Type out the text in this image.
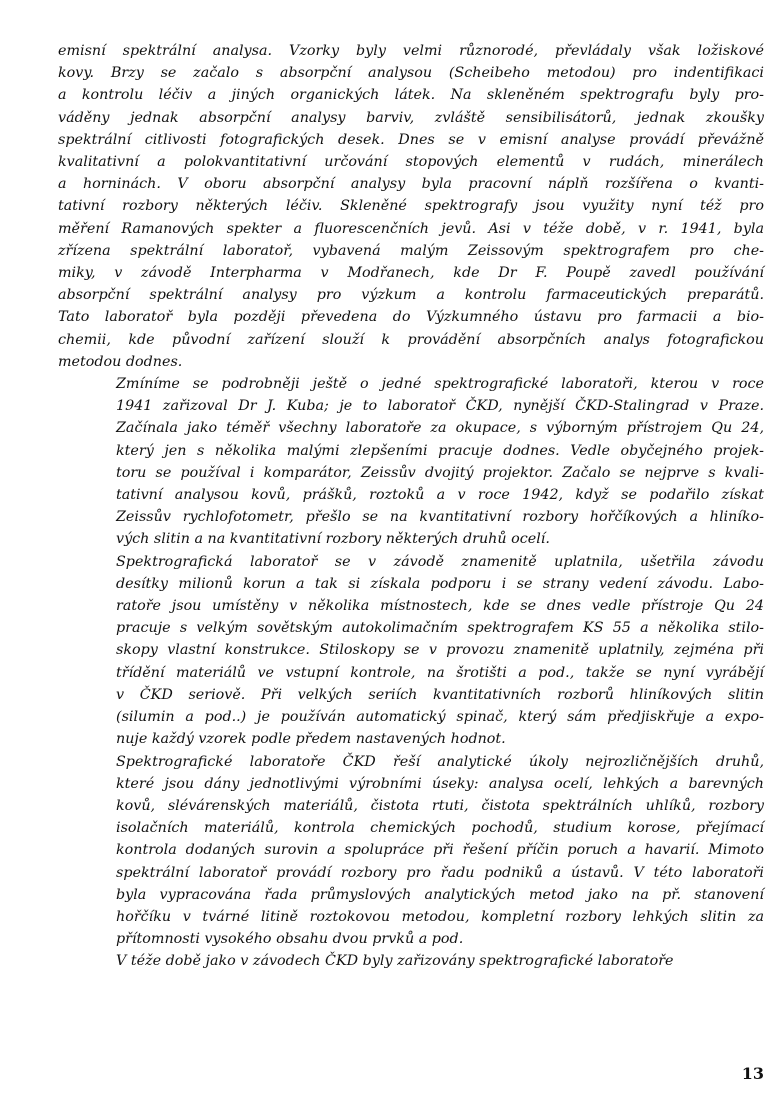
emisní spektrální analysa. Vzorky byly velmi různorodé, převládaly však ložiskové
kovy. Brzy se začalo s absorpční analysou (Scheibeho metodou) pro indentifikaci
a kontrolu léčiv a jiných organických látek. Na skleněném spektrografu byly pro-
váděny jednak absorpční analysy barviv, zvláště sensibilisátorů, jednak zkoušky
spektrální citlivosti fotografických desek. Dnes se v emisní analyse provádí převážně
kvalitativní a polokvantitativní určování stopových elementů v rudách, minerálech
a horninách. V oboru absorpční analysy byla pracovní náplň rozšířena o kvanti-
tativní rozbory některých léčiv. Skleněné spektrografy jsou využity nyní též pro
měření Ramanových spekter a fluorescenčních jevů. Asi v téže době, v r. 1941, byla
zřízena spektrální laboratoř, vybavená malým Zeissovým spektrografem pro che-
miky, v závodě Interpharma v Modřanech, kde Dr F. Poupě zavedl používání
absorpční spektrální analysy pro výzkum a kontrolu farmaceutických preparátů.
Tato laboratoř byla později převedena do Výzkumného ústavu pro farmacii a bio-
chemii, kde původní zařízení slouží k provádění absorpčních analys fotografickou
metodou dodnes.
Zmíníme se podrobněji ještě o jedné spektrografické laboratoři, kterou v roce
1941 zařizoval Dr J. Kuba; je to laboratoř ČKD, nynější ČKD-Stalingrad v Praze.
Začínala jako téměř všechny laboratoře za okupace, s výborným přístrojem Qu 24,
který jen s několika malými zlepšeními pracuje dodnes. Vedle obyčejného projek-
toru se používal i komparátor, Zeissův dvojitý projektor. Začalo se nejprve s kvali-
tativní analysou kovů, prášků, roztoků a v roce 1942, když se podařilo získat
Zeissův rychlofotometr, přešlo se na kvantitativní rozbory hořčíkových a hliníko-
vých slitin a na kvantitativní rozbory některých druhů ocelí.
Spektrografická laboratoř se v závodě znamenitě uplatnila, ušetřila závodu
desítky milionů korun a tak si získala podporu i se strany vedení závodu. Labo-
ratoře jsou umístěny v několika místnostech, kde se dnes vedle přístroje Qu 24
pracuje s velkým sovětským autokolimačním spektrografem KS 55 a několika stilo-
skopy vlastní konstrukce. Stiloskopy se v provozu znamenitě uplatnily, zejména při
třídění materiálů ve vstupní kontrole, na šrotišti a pod., takže se nyní vyrábějí
v ČKD seriově. Při velkých seriích kvantitativních rozborů hliníkových slitin
(silumin a pod..) je používán automatický spinač, který sám předjiskřuje a expo-
nuje každý vzorek podle předem nastavených hodnot.
Spektrografické laboratoře ČKD řeší analytické úkoly nejrozličnějších druhů,
které jsou dány jednotlivými výrobními úseky: analysa ocelí, lehkých a barevných
kovů, slévárenských materiálů, čistota rtuti, čistota spektrálních uhlíků, rozbory
isolačních materiálů, kontrola chemických pochodů, studium korose, přejímací
kontrola dodaných surovin a spolupráce při řešení příčin poruch a havarií. Mimoto
spektrální laboratoř provádí rozbory pro řadu podniků a ústavů. V této laboratoři
byla vypracována řada průmyslových analytických metod jako na př. stanovení
hořčíku v tvárné litině roztokovou metodou, kompletní rozbory lehkých slitin za
přítomnosti vysokého obsahu dvou prvků a pod.
V téže době jako v závodech ČKD byly zařizovány spektrografické laboratoře
13
